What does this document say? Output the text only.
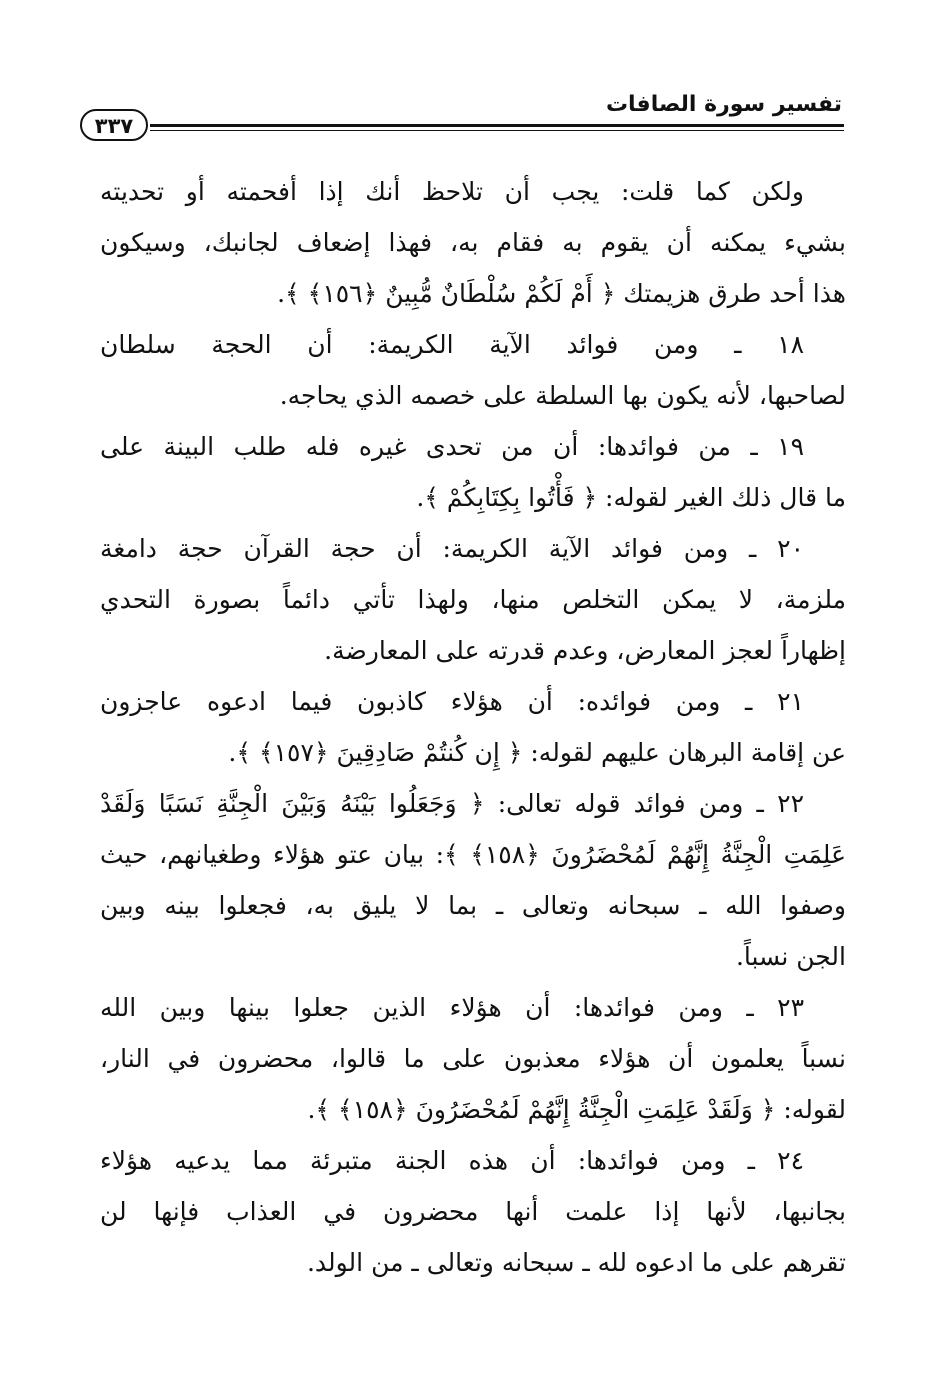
تفسير سورة الصافات
٣٣٧
ولكن كما قلت: يجب أن تلاحظ أنك إذا أفحمته أو تحديته
بشيء يمكنه أن يقوم به فقام به، فهذا إضعاف لجانبك، وسيكون
هذا أحد طرق هزيمتك ﴿ أَمْ لَكُمْ سُلْطَانٌ مُّبِينٌ ﴿١٥٦﴾ ﴾.
١٨ ـ ومن فوائد الآية الكريمة: أن الحجة سلطان
لصاحبها، لأنه يكون بها السلطة على خصمه الذي يحاجه.
١٩ ـ من فوائدها: أن من تحدى غيره فله طلب البينة على
ما قال ذلك الغير لقوله: ﴿ فَأْتُوا بِكِتَابِكُمْ ﴾.
٢٠ ـ ومن فوائد الآية الكريمة: أن حجة القرآن حجة دامغة
ملزمة، لا يمكن التخلص منها، ولهذا تأتي دائماً بصورة التحدي
إظهاراً لعجز المعارض، وعدم قدرته على المعارضة.
٢١ ـ ومن فوائده: أن هؤلاء كاذبون فيما ادعوه عاجزون
عن إقامة البرهان عليهم لقوله: ﴿ إِن كُنتُمْ صَادِقِينَ ﴿١٥٧﴾ ﴾.
٢٢ ـ ومن فوائد قوله تعالى: ﴿ وَجَعَلُوا بَيْنَهُ وَبَيْنَ الْجِنَّةِ نَسَبًا وَلَقَدْ
عَلِمَتِ الْجِنَّةُ إِنَّهُمْ لَمُحْضَرُونَ ﴿١٥٨﴾ ﴾: بيان عتو هؤلاء وطغيانهم، حيث
وصفوا الله ـ سبحانه وتعالى ـ بما لا يليق به، فجعلوا بينه وبين
الجن نسباً.
٢٣ ـ ومن فوائدها: أن هؤلاء الذين جعلوا بينها وبين الله
نسباً يعلمون أن هؤلاء معذبون على ما قالوا، محضرون في النار،
لقوله: ﴿ وَلَقَدْ عَلِمَتِ الْجِنَّةُ إِنَّهُمْ لَمُحْضَرُونَ ﴿١٥٨﴾ ﴾.
٢٤ ـ ومن فوائدها: أن هذه الجنة متبرئة مما يدعيه هؤلاء
بجانبها، لأنها إذا علمت أنها محضرون في العذاب فإنها لن
تقرهم على ما ادعوه لله ـ سبحانه وتعالى ـ من الولد.
